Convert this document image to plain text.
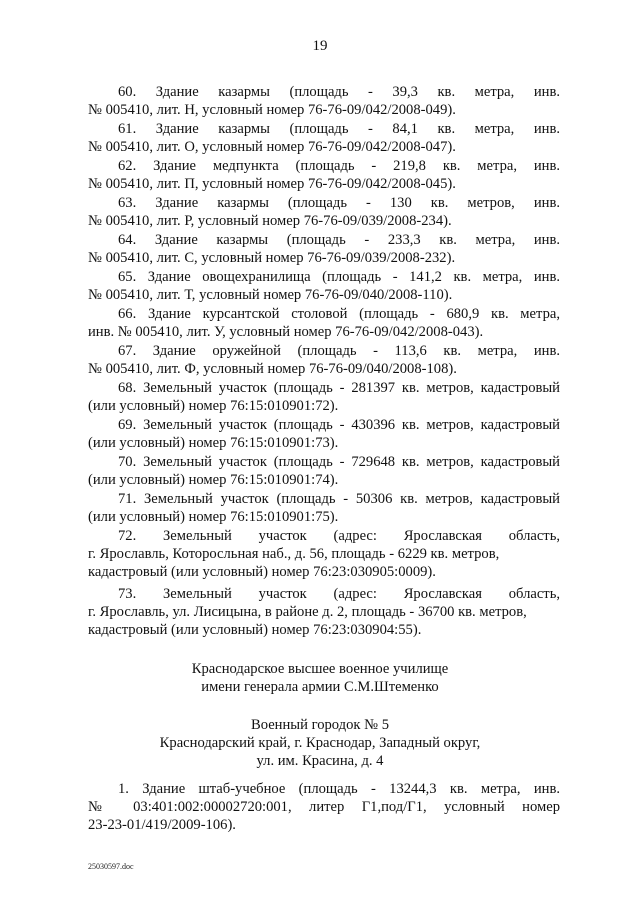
19
60. Здание казармы (площадь - 39,3 кв. метра, инв.
№ 005410, лит. Н, условный номер 76-76-09/042/2008-049).
61. Здание казармы (площадь - 84,1 кв. метра, инв.
№ 005410, лит. О, условный номер 76-76-09/042/2008-047).
62. Здание медпункта (площадь - 219,8 кв. метра, инв.
№ 005410, лит. П, условный номер 76-76-09/042/2008-045).
63. Здание казармы (площадь - 130 кв. метров, инв.
№ 005410, лит. Р, условный номер 76-76-09/039/2008-234).
64. Здание казармы (площадь - 233,3 кв. метра, инв.
№ 005410, лит. С, условный номер 76-76-09/039/2008-232).
65. Здание овощехранилища (площадь - 141,2 кв. метра, инв.
№ 005410, лит. Т, условный номер 76-76-09/040/2008-110).
66. Здание курсантской столовой (площадь - 680,9 кв. метра,
инв. № 005410, лит. У, условный номер 76-76-09/042/2008-043).
67. Здание оружейной (площадь - 113,6 кв. метра, инв.
№ 005410, лит. Ф, условный номер 76-76-09/040/2008-108).
68. Земельный участок (площадь - 281397 кв. метров, кадастровый
(или условный) номер 76:15:010901:72).
69. Земельный участок (площадь - 430396 кв. метров, кадастровый
(или условный) номер 76:15:010901:73).
70. Земельный участок (площадь - 729648 кв. метров, кадастровый
(или условный) номер 76:15:010901:74).
71. Земельный участок (площадь - 50306 кв. метров, кадастровый
(или условный) номер 76:15:010901:75).
72. Земельный участок (адрес: Ярославская область,
г. Ярославль, Которосльная наб., д. 56, площадь - 6229 кв. метров,
кадастровый (или условный) номер 76:23:030905:0009).
73. Земельный участок (адрес: Ярославская область,
г. Ярославль, ул. Лисицына, в районе д. 2, площадь - 36700 кв. метров,
кадастровый (или условный) номер 76:23:030904:55).
Краснодарское высшее военное училище
имени генерала армии С.М.Штеменко
Военный городок № 5
Краснодарский край, г. Краснодар, Западный округ,
ул. им. Красина, д. 4
1. Здание штаб-учебное (площадь - 13244,3 кв. метра, инв.
№ 03:401:002:00002720:001, литер Г1,под/Г1, условный номер
23-23-01/419/2009-106).
25030597.doc
